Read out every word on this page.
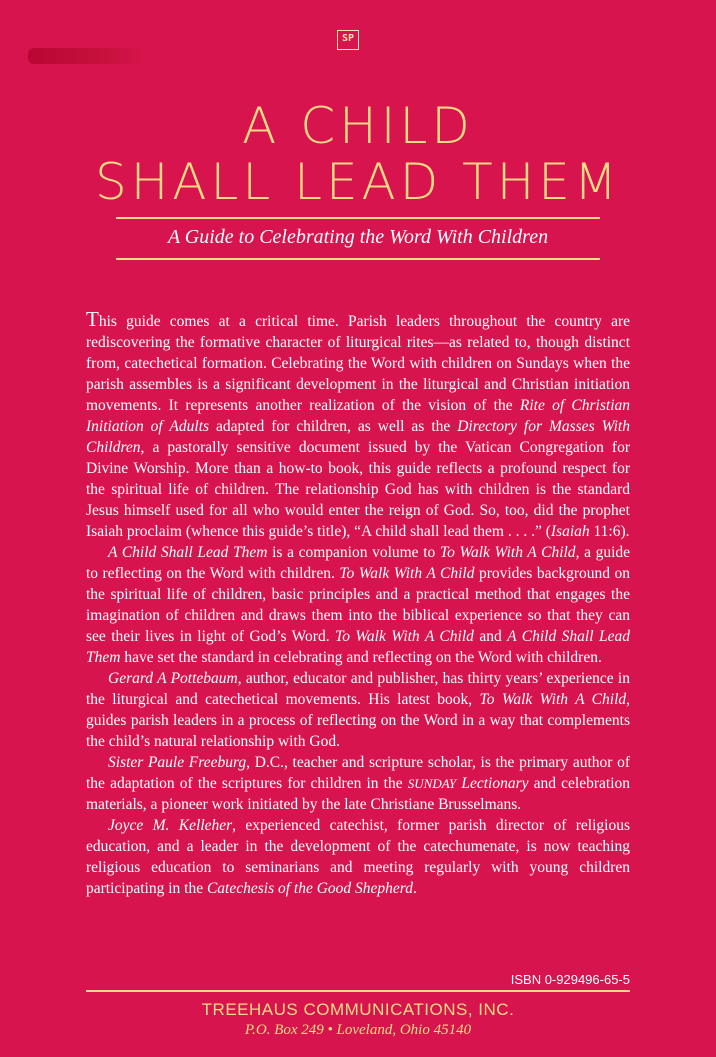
SP
A CHILD
SHALL LEAD THEM
A Guide to Celebrating the Word With Children

This guide comes at a critical time. Parish leaders throughout the country are rediscovering the formative character of liturgical rites—as related to, though distinct from, catechetical formation. Celebrating the Word with children on Sundays when the parish assembles is a significant development in the liturgical and Christian initiation movements. It represents another realization of the vision of the Rite of Christian Initiation of Adults adapted for children, as well as the Directory for Masses With Children, a pastorally sensitive document issued by the Vatican Congregation for Divine Worship. More than a how-to book, this guide reflects a profound respect for the spiritual life of children. The relationship God has with children is the standard Jesus himself used for all who would enter the reign of God. So, too, did the prophet Isaiah proclaim (whence this guide’s title), “A child shall lead them . . . .” (Isaiah 11:6).

A Child Shall Lead Them is a companion volume to To Walk With A Child, a guide to reflecting on the Word with children. To Walk With A Child provides background on the spiritual life of children, basic principles and a practical method that engages the imagination of children and draws them into the biblical experience so that they can see their lives in light of God’s Word. To Walk With A Child and A Child Shall Lead Them have set the standard in celebrating and reflecting on the Word with children.

Gerard A Pottebaum, author, educator and publisher, has thirty years’ experience in the liturgical and catechetical movements. His latest book, To Walk With A Child, guides parish leaders in a process of reflecting on the Word in a way that complements the child’s natural relationship with God.

Sister Paule Freeburg, D.C., teacher and scripture scholar, is the primary author of the adaptation of the scriptures for children in the SUNDAY Lectionary and celebration materials, a pioneer work initiated by the late Christiane Brusselmans.

Joyce M. Kelleher, experienced catechist, former parish director of religious education, and a leader in the development of the catechumenate, is now teaching religious education to seminarians and meeting regularly with young children participating in the Catechesis of the Good Shepherd.

ISBN 0-929496-65-5
TREEHAUS COMMUNICATIONS, INC.
P.O. Box 249 • Loveland, Ohio 45140
